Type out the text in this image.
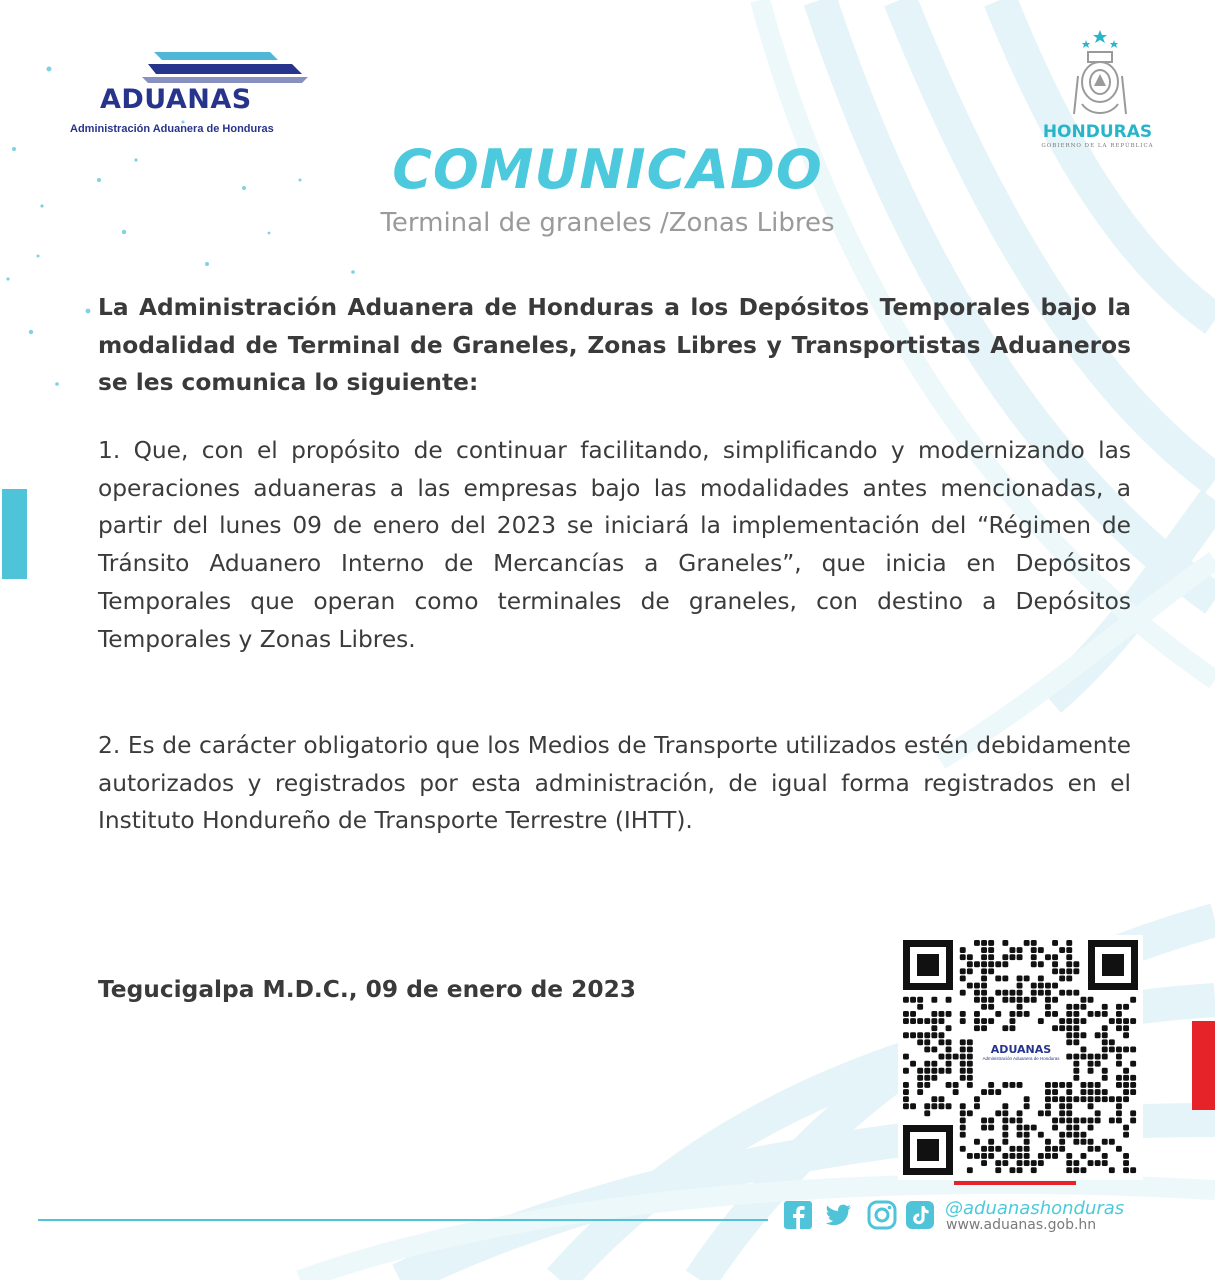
ADUANAS
Administración Aduanera de Honduras	HONDURAS
GOBIERNO DE LA REPÚBLICA
COMUNICADO
Terminal de graneles /Zonas Libres
La Administración Aduanera de Honduras a los Depósitos Temporales bajo la modalidad de Terminal de Graneles, Zonas Libres y Transportistas Aduaneros se les comunica lo siguiente:
1. Que, con el propósito de continuar facilitando, simplificando y modernizando las operaciones aduaneras a las empresas bajo las modalidades antes mencionadas, a partir del lunes 09 de enero del 2023 se iniciará la implementación del “Régimen de Tránsito Aduanero Interno de Mercancías a Graneles”, que inicia en Depósitos Temporales que operan como terminales de graneles, con destino a Depósitos Temporales y Zonas Libres.
2. Es de carácter obligatorio que los Medios de Transporte utilizados estén debidamente autorizados y registrados por esta administración, de igual forma registrados en el Instituto Hondureño de Transporte Terrestre (IHTT).
Tegucigalpa M.D.C., 09 de enero de 2023
ADUANAS
Administración Aduanera de Honduras
@aduanashonduras
www.aduanas.gob.hn
